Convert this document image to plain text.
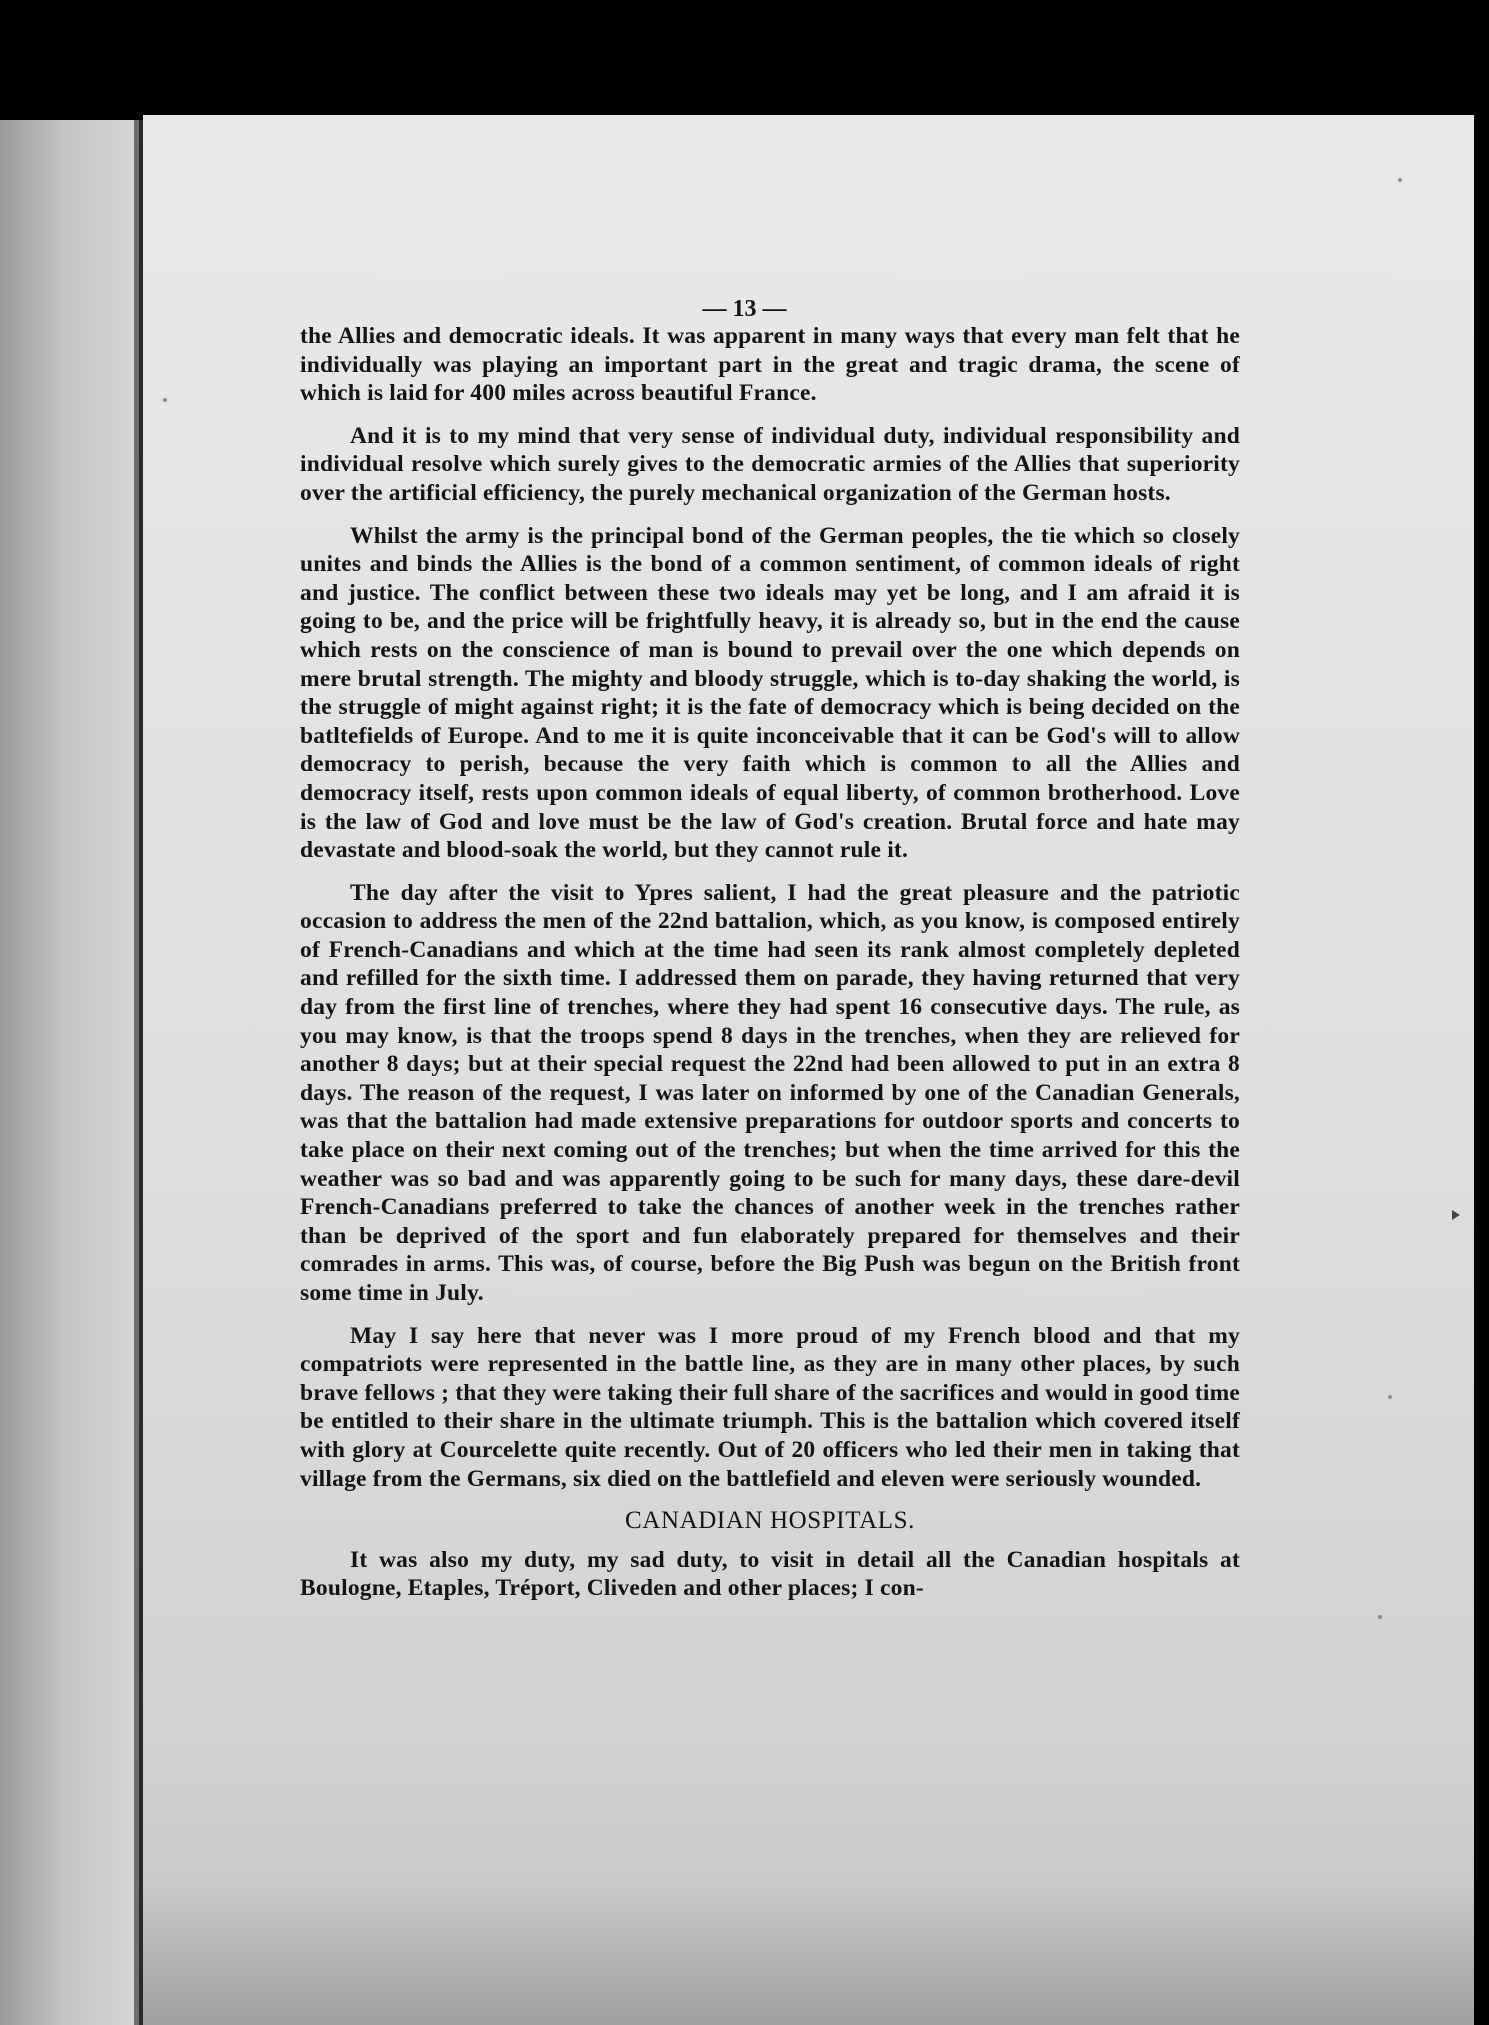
— 13 —

the Allies and democratic ideals. It was apparent in many ways that every man felt that he individually was playing an important part in the great and tragic drama, the scene of which is laid for 400 miles across beautiful France.

And it is to my mind that very sense of individual duty, individual responsibility and individual resolve which surely gives to the democratic armies of the Allies that superiority over the artificial efficiency, the purely mechanical organization of the German hosts.

Whilst the army is the principal bond of the German peoples, the tie which so closely unites and binds the Allies is the bond of a common sentiment, of common ideals of right and justice. The conflict between these two ideals may yet be long, and I am afraid it is going to be, and the price will be frightfully heavy, it is already so, but in the end the cause which rests on the conscience of man is bound to prevail over the one which depends on mere brutal strength. The mighty and bloody struggle, which is to-day shaking the world, is the struggle of might against right; it is the fate of democracy which is being decided on the batltefields of Europe. And to me it is quite inconceivable that it can be God's will to allow democracy to perish, because the very faith which is common to all the Allies and democracy itself, rests upon common ideals of equal liberty, of common brotherhood. Love is the law of God and love must be the law of God's creation. Brutal force and hate may devastate and blood-soak the world, but they cannot rule it.

The day after the visit to Ypres salient, I had the great pleasure and the patriotic occasion to address the men of the 22nd battalion, which, as you know, is composed entirely of French-Canadians and which at the time had seen its rank almost completely depleted and refilled for the sixth time. I addressed them on parade, they having returned that very day from the first line of trenches, where they had spent 16 consecutive days. The rule, as you may know, is that the troops spend 8 days in the trenches, when they are relieved for another 8 days; but at their special request the 22nd had been allowed to put in an extra 8 days. The reason of the request, I was later on informed by one of the Canadian Generals, was that the battalion had made extensive preparations for outdoor sports and concerts to take place on their next coming out of the trenches; but when the time arrived for this the weather was so bad and was apparently going to be such for many days, these dare-devil French-Canadians preferred to take the chances of another week in the trenches rather than be deprived of the sport and fun elaborately prepared for themselves and their comrades in arms. This was, of course, before the Big Push was begun on the British front some time in July.

May I say here that never was I more proud of my French blood and that my compatriots were represented in the battle line, as they are in many other places, by such brave fellows ; that they were taking their full share of the sacrifices and would in good time be entitled to their share in the ultimate triumph. This is the battalion which covered itself with glory at Courcelette quite recently. Out of 20 officers who led their men in taking that village from the Germans, six died on the battlefield and eleven were seriously wounded.

CANADIAN HOSPITALS.

It was also my duty, my sad duty, to visit in detail all the Canadian hospitals at Boulogne, Etaples, Tréport, Cliveden and other places; I con-
